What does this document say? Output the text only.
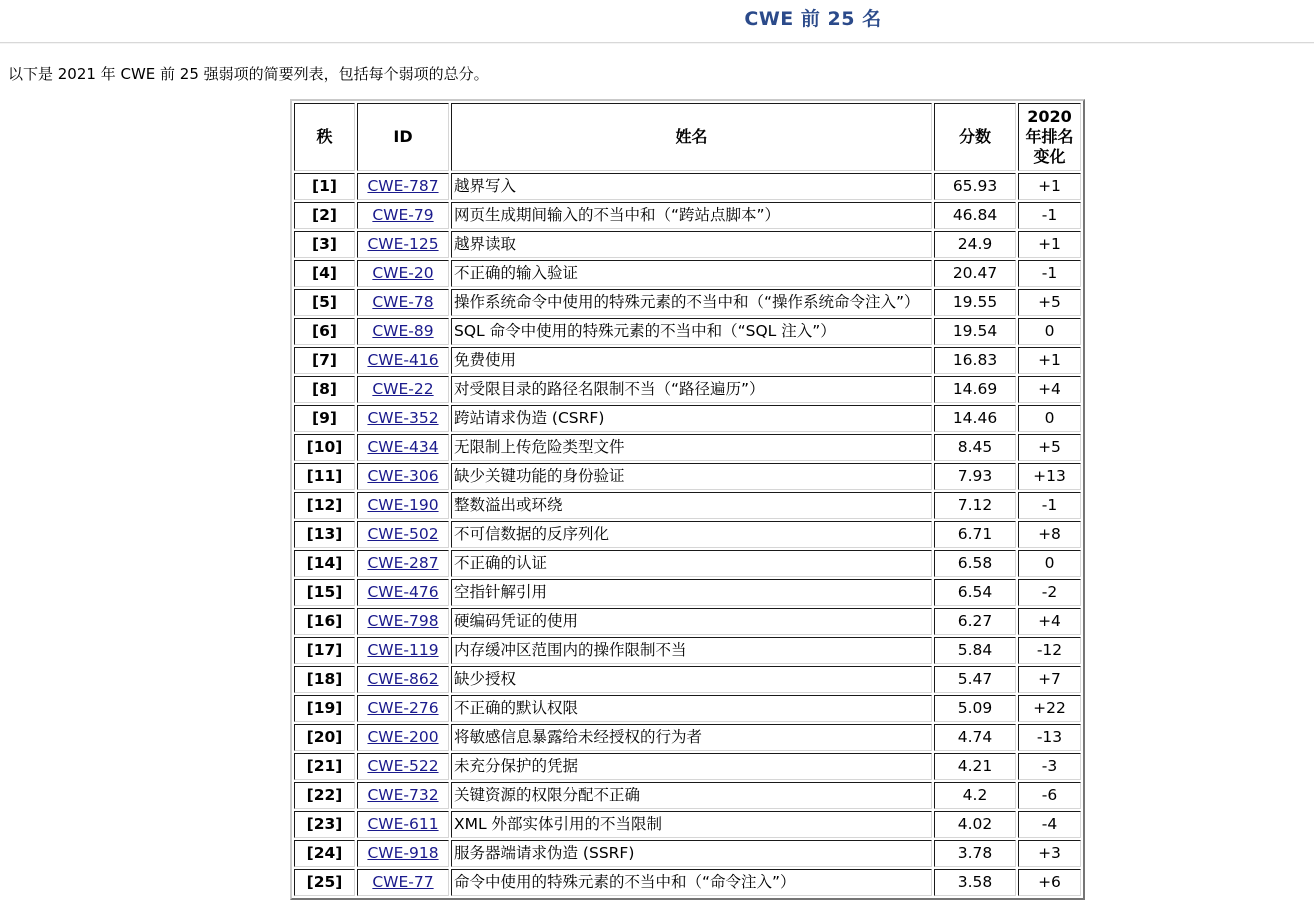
CWE 前 25 名
以下是 2021 年 CWE 前 25 强弱项的简要列表，包括每个弱项的总分。
秩	ID	姓名	分数	2020年排名变化

[1]	CWE-787	越界写入	65.93	+1
[2]	CWE-79	网页生成期间输入的不当中和（“跨站点脚本”）	46.84	-1
[3]	CWE-125	越界读取	24.9	+1
[4]	CWE-20	不正确的输入验证	20.47	-1
[5]	CWE-78	操作系统命令中使用的特殊元素的不当中和（“操作系统命令注入”）	19.55	+5
[6]	CWE-89	SQL 命令中使用的特殊元素的不当中和（“SQL 注入”）	19.54	0
[7]	CWE-416	免费使用	16.83	+1
[8]	CWE-22	对受限目录的路径名限制不当（“路径遍历”）	14.69	+4
[9]	CWE-352	跨站请求伪造 (CSRF)	14.46	0
[10]	CWE-434	无限制上传危险类型文件	8.45	+5
[11]	CWE-306	缺少关键功能的身份验证	7.93	+13
[12]	CWE-190	整数溢出或环绕	7.12	-1
[13]	CWE-502	不可信数据的反序列化	6.71	+8
[14]	CWE-287	不正确的认证	6.58	0
[15]	CWE-476	空指针解引用	6.54	-2
[16]	CWE-798	硬编码凭证的使用	6.27	+4
[17]	CWE-119	内存缓冲区范围内的操作限制不当	5.84	-12
[18]	CWE-862	缺少授权	5.47	+7
[19]	CWE-276	不正确的默认权限	5.09	+22
[20]	CWE-200	将敏感信息暴露给未经授权的行为者	4.74	-13
[21]	CWE-522	未充分保护的凭据	4.21	-3
[22]	CWE-732	关键资源的权限分配不正确	4.2	-6
[23]	CWE-611	XML 外部实体引用的不当限制	4.02	-4
[24]	CWE-918	服务器端请求伪造 (SSRF)	3.78	+3
[25]	CWE-77	命令中使用的特殊元素的不当中和（“命令注入”）	3.58	+6
